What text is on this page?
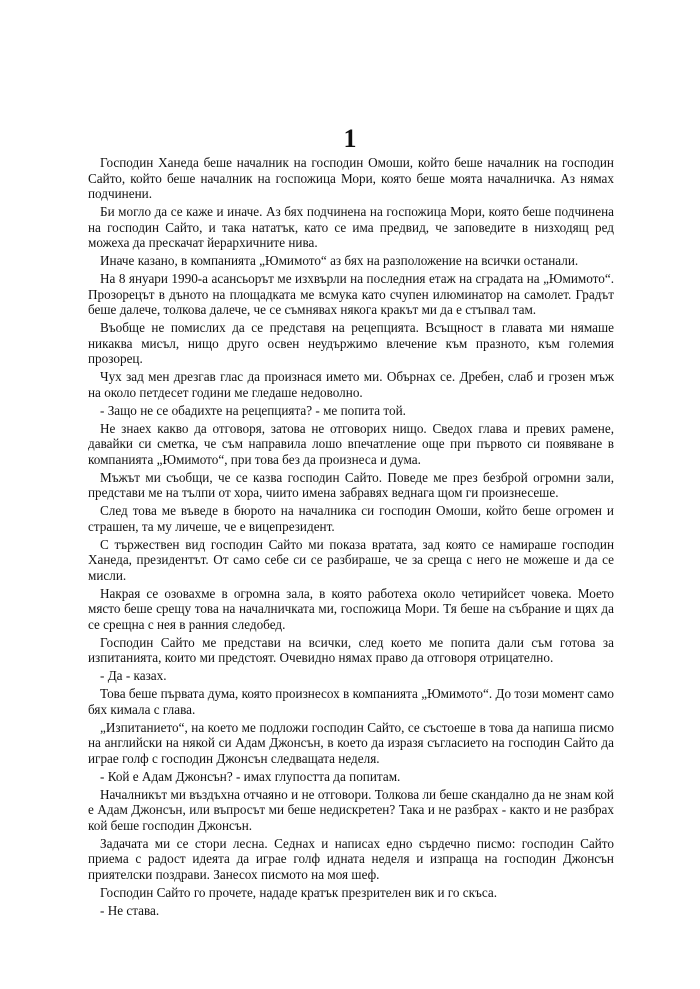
1

Господин Ханеда беше началник на господин Омоши, който беше началник на господин Сайто, който беше началник на госпожица Мори, която беше моята началничка. Аз нямах подчинени.

Би могло да се каже и иначе. Аз бях подчинена на госпожица Мори, която беше подчинена на господин Сайто, и така нататък, като се има предвид, че заповедите в низходящ ред можеха да прескачат йерархичните нива.

Иначе казано, в компанията „Юмимото“ аз бях на разположение на всички останали.

На 8 януари 1990-а асансьорът ме изхвърли на последния етаж на сградата на „Юмимото“. Прозорецът в дъното на площадката ме всмука като счупен илюминатор на самолет. Градът беше далече, толкова далече, че се съмнявах някога кракът ми да е стъпвал там.

Въобще не помислих да се представя на рецепцията. Всъщност в главата ми нямаше никаква мисъл, нищо друго освен неудържимо влечение към празното, към големия прозорец.

Чух зад мен дрезгав глас да произнася името ми. Обърнах се. Дребен, слаб и грозен мъж на около петдесет години ме гледаше недоволно.

- Защо не се обадихте на рецепцията? - ме попита той.

Не знаех какво да отговоря, затова не отговорих нищо. Сведох глава и превих рамене, давайки си сметка, че съм направила лошо впечатление още при първото си появяване в компанията „Юмимото“, при това без да произнеса и дума.

Мъжът ми съобщи, че се казва господин Сайто. Поведе ме през безброй огромни зали, представи ме на тълпи от хора, чиито имена забравях веднага щом ги произнесеше.

След това ме въведе в бюрото на началника си господин Омоши, който беше огромен и страшен, та му личеше, че е вицепрезидент.

С тържествен вид господин Сайто ми показа вратата, зад която се намираше господин Ханеда, президентът. От само себе си се разбираше, че за среща с него не можеше и да се мисли.

Накрая се озовахме в огромна зала, в която работеха около четирийсет човека. Моето място беше срещу това на началничката ми, госпожица Мори. Тя беше на събрание и щях да се срещна с нея в ранния следобед.

Господин Сайто ме представи на всички, след което ме попита дали съм готова за изпитанията, които ми предстоят. Очевидно нямах право да отговоря отрицателно.

- Да - казах.

Това беше първата дума, която произнесох в компанията „Юмимото“. До този момент само бях кимала с глава.

„Изпитанието“, на което ме подложи господин Сайто, се състоеше в това да напиша писмо на английски на някой си Адам Джонсън, в което да изразя съгласието на господин Сайто да играе голф с господин Джонсън следващата неделя.

- Кой е Адам Джонсън? - имах глупостта да попитам.

Началникът ми въздъхна отчаяно и не отговори. Толкова ли беше скандално да не знам кой е Адам Джонсън, или въпросът ми беше недискретен? Така и не разбрах - както и не разбрах кой беше господин Джонсън.

Задачата ми се стори лесна. Седнах и написах едно сърдечно писмо: господин Сайто приема с радост идеята да играе голф идната неделя и изпраща на господин Джонсън приятелски поздрави. Занесох писмото на моя шеф.

Господин Сайто го прочете, нададе кратък презрителен вик и го скъса.

- Не става.
